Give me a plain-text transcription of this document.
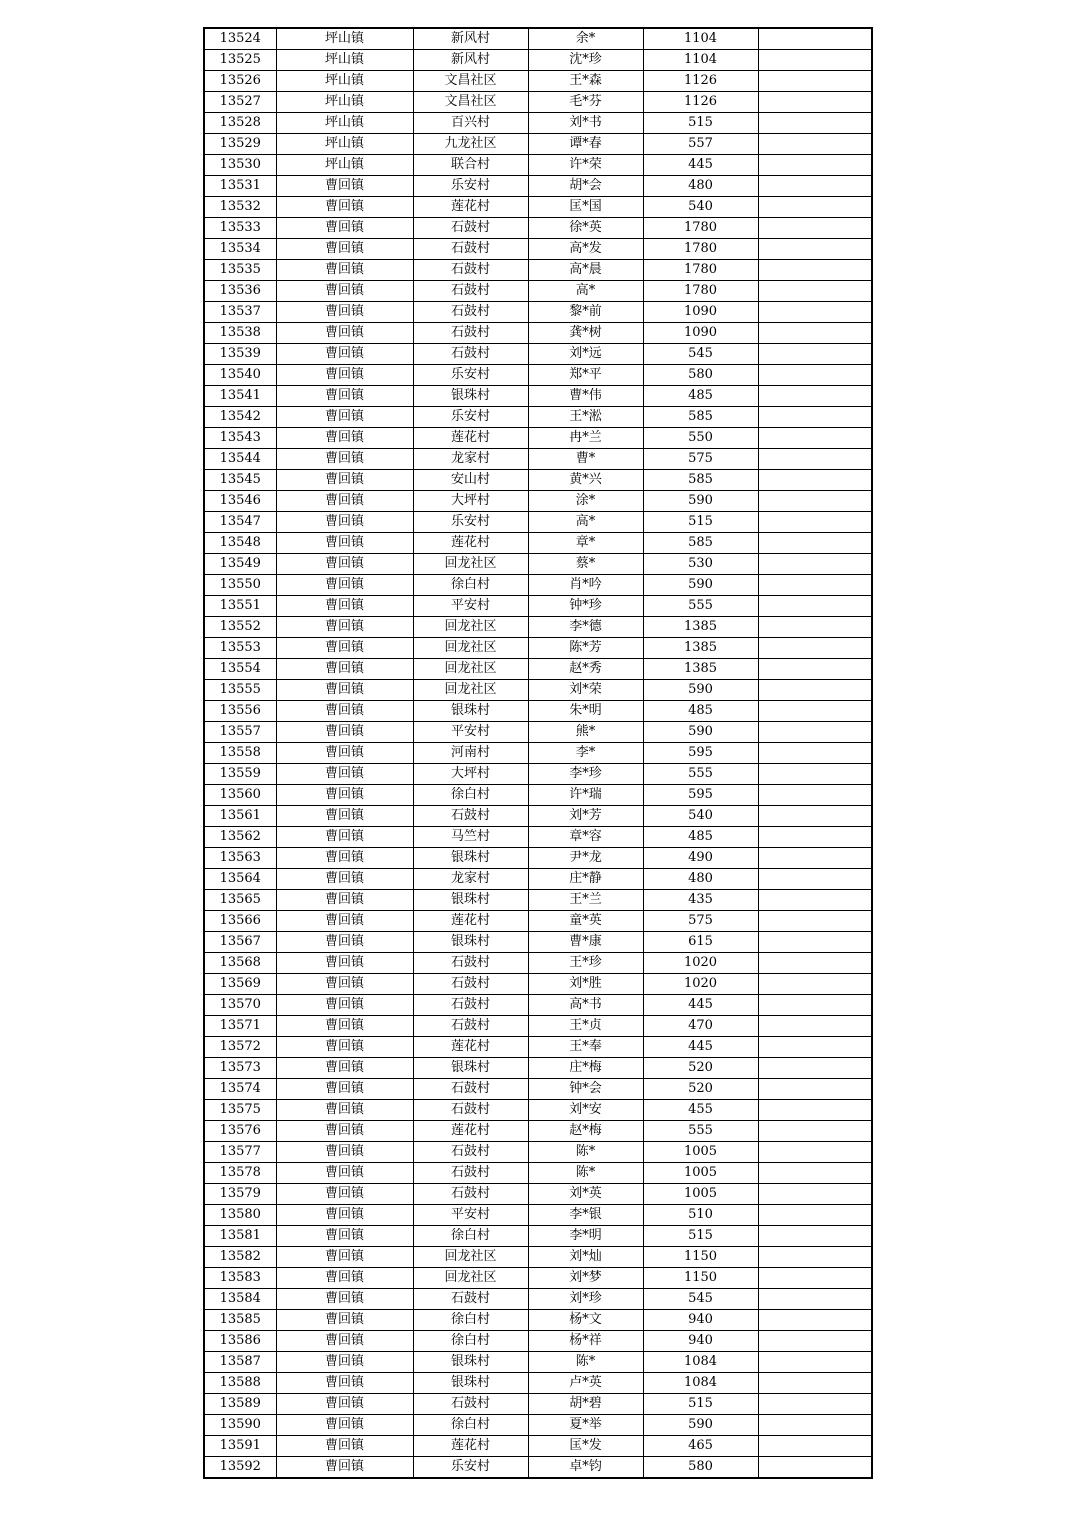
13524	坪山镇	新风村	余*	1104	
13525	坪山镇	新风村	沈*珍	1104	
13526	坪山镇	文昌社区	王*森	1126	
13527	坪山镇	文昌社区	毛*芬	1126	
13528	坪山镇	百兴村	刘*书	515	
13529	坪山镇	九龙社区	谭*春	557	
13530	坪山镇	联合村	许*荣	445	
13531	曹回镇	乐安村	胡*会	480	
13532	曹回镇	莲花村	匡*国	540	
13533	曹回镇	石鼓村	徐*英	1780	
13534	曹回镇	石鼓村	高*发	1780	
13535	曹回镇	石鼓村	高*晨	1780	
13536	曹回镇	石鼓村	高*	1780	
13537	曹回镇	石鼓村	黎*前	1090	
13538	曹回镇	石鼓村	龚*树	1090	
13539	曹回镇	石鼓村	刘*远	545	
13540	曹回镇	乐安村	郑*平	580	
13541	曹回镇	银珠村	曹*伟	485	
13542	曹回镇	乐安村	王*淞	585	
13543	曹回镇	莲花村	冉*兰	550	
13544	曹回镇	龙家村	曹*	575	
13545	曹回镇	安山村	黄*兴	585	
13546	曹回镇	大坪村	涂*	590	
13547	曹回镇	乐安村	高*	515	
13548	曹回镇	莲花村	章*	585	
13549	曹回镇	回龙社区	蔡*	530	
13550	曹回镇	徐白村	肖*吟	590	
13551	曹回镇	平安村	钟*珍	555	
13552	曹回镇	回龙社区	李*德	1385	
13553	曹回镇	回龙社区	陈*芳	1385	
13554	曹回镇	回龙社区	赵*秀	1385	
13555	曹回镇	回龙社区	刘*荣	590	
13556	曹回镇	银珠村	朱*明	485	
13557	曹回镇	平安村	熊*	590	
13558	曹回镇	河南村	李*	595	
13559	曹回镇	大坪村	李*珍	555	
13560	曹回镇	徐白村	许*瑞	595	
13561	曹回镇	石鼓村	刘*芳	540	
13562	曹回镇	马竺村	章*容	485	
13563	曹回镇	银珠村	尹*龙	490	
13564	曹回镇	龙家村	庄*静	480	
13565	曹回镇	银珠村	王*兰	435	
13566	曹回镇	莲花村	童*英	575	
13567	曹回镇	银珠村	曹*康	615	
13568	曹回镇	石鼓村	王*珍	1020	
13569	曹回镇	石鼓村	刘*胜	1020	
13570	曹回镇	石鼓村	高*书	445	
13571	曹回镇	石鼓村	王*贞	470	
13572	曹回镇	莲花村	王*奉	445	
13573	曹回镇	银珠村	庄*梅	520	
13574	曹回镇	石鼓村	钟*会	520	
13575	曹回镇	石鼓村	刘*安	455	
13576	曹回镇	莲花村	赵*梅	555	
13577	曹回镇	石鼓村	陈*	1005	
13578	曹回镇	石鼓村	陈*	1005	
13579	曹回镇	石鼓村	刘*英	1005	
13580	曹回镇	平安村	李*银	510	
13581	曹回镇	徐白村	李*明	515	
13582	曹回镇	回龙社区	刘*灿	1150	
13583	曹回镇	回龙社区	刘*梦	1150	
13584	曹回镇	石鼓村	刘*珍	545	
13585	曹回镇	徐白村	杨*文	940	
13586	曹回镇	徐白村	杨*祥	940	
13587	曹回镇	银珠村	陈*	1084	
13588	曹回镇	银珠村	卢*英	1084	
13589	曹回镇	石鼓村	胡*碧	515	
13590	曹回镇	徐白村	夏*举	590	
13591	曹回镇	莲花村	匡*发	465	
13592	曹回镇	乐安村	卓*钧	580	
